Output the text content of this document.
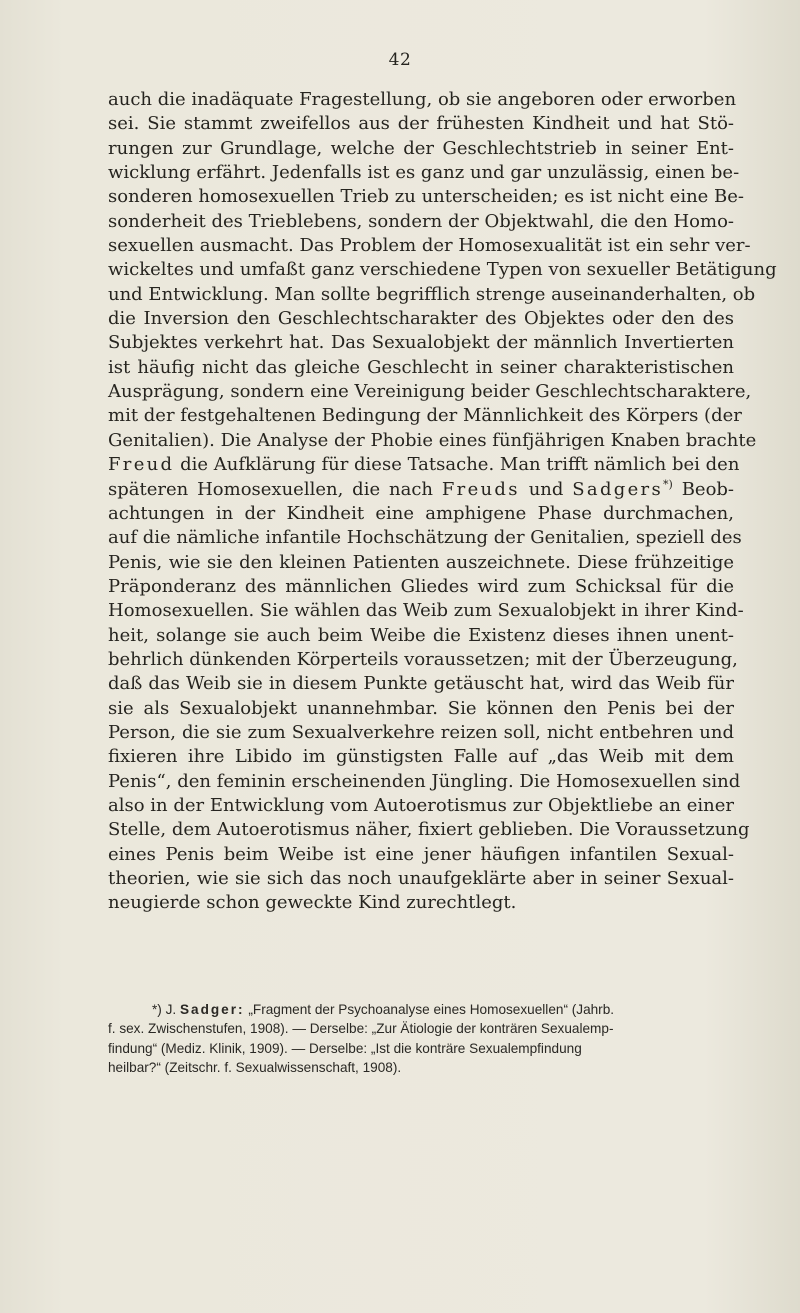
42
auch die inadäquate Fragestellung, ob sie angeboren oder erworben
sei. Sie stammt zweifellos aus der frühesten Kindheit und hat Stö-
rungen zur Grundlage, welche der Geschlechtstrieb in seiner Ent-
wicklung erfährt. Jedenfalls ist es ganz und gar unzulässig, einen be-
sonderen homosexuellen Trieb zu unterscheiden; es ist nicht eine Be-
sonderheit des Trieblebens, sondern der Objektwahl, die den Homo-
sexuellen ausmacht. Das Problem der Homosexualität ist ein sehr ver-
wickeltes und umfaßt ganz verschiedene Typen von sexueller Betätigung
und Entwicklung. Man sollte begrifflich strenge auseinanderhalten, ob
die Inversion den Geschlechtscharakter des Objektes oder den des
Subjektes verkehrt hat. Das Sexualobjekt der männlich Invertierten
ist häufig nicht das gleiche Geschlecht in seiner charakteristischen
Ausprägung, sondern eine Vereinigung beider Geschlechtscharaktere,
mit der festgehaltenen Bedingung der Männlichkeit des Körpers (der
Genitalien). Die Analyse der Phobie eines fünfjährigen Knaben brachte
Freud die Aufklärung für diese Tatsache. Man trifft nämlich bei den
späteren Homosexuellen, die nach Freuds und Sadgers*) Beob-
achtungen in der Kindheit eine amphigene Phase durchmachen,
auf die nämliche infantile Hochschätzung der Genitalien, speziell des
Penis, wie sie den kleinen Patienten auszeichnete. Diese frühzeitige
Präponderanz des männlichen Gliedes wird zum Schicksal für die
Homosexuellen. Sie wählen das Weib zum Sexualobjekt in ihrer Kind-
heit, solange sie auch beim Weibe die Existenz dieses ihnen unent-
behrlich dünkenden Körperteils voraussetzen; mit der Überzeugung,
daß das Weib sie in diesem Punkte getäuscht hat, wird das Weib für
sie als Sexualobjekt unannehmbar. Sie können den Penis bei der
Person, die sie zum Sexualverkehre reizen soll, nicht entbehren und
fixieren ihre Libido im günstigsten Falle auf „das Weib mit dem
Penis“, den feminin erscheinenden Jüngling. Die Homosexuellen sind
also in der Entwicklung vom Autoerotismus zur Objektliebe an einer
Stelle, dem Autoerotismus näher, fixiert geblieben. Die Voraussetzung
eines Penis beim Weibe ist eine jener häufigen infantilen Sexual-
theorien, wie sie sich das noch unaufgeklärte aber in seiner Sexual-
neugierde schon geweckte Kind zurechtlegt.
*) J. Sadger: „Fragment der Psychoanalyse eines Homosexuellen“ (Jahrb.
f. sex. Zwischenstufen, 1908). — Derselbe: „Zur Ätiologie der konträren Sexualemp-
findung“ (Mediz. Klinik, 1909). — Derselbe: „Ist die konträre Sexualempfindung
heilbar?“ (Zeitschr. f. Sexualwissenschaft, 1908).
